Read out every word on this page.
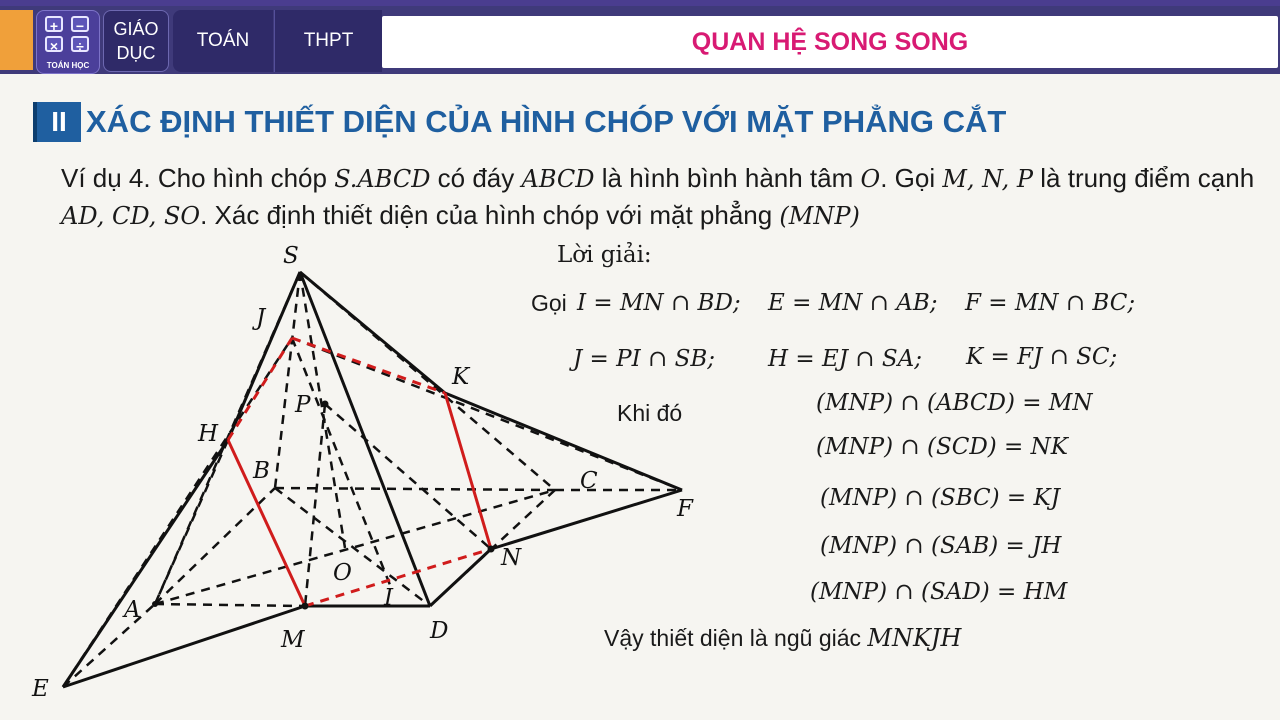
+	−
×	÷
TOÁN HỌC
GIÁO
DỤC
TOÁN	THPT	QUAN HỆ SONG SONG
II XÁC ĐỊNH THIẾT DIỆN CỦA HÌNH CHÓP VỚI MẶT PHẲNG CẮT
Ví dụ 4. Cho hình chóp S.ABCD có đáy ABCD là hình bình hành tâm O. Gọi M, N, P là trung điểm cạnh AD, CD, SO. Xác định thiết diện của hình chóp với mặt phẳng (MNP)
Lời giải:
Gọi I = MN ∩ BD; E = MN ∩ AB; F = MN ∩ BC;
J = PI ∩ SB; H = EJ ∩ SA; K = FJ ∩ SC;
Khi đó	(MNP) ∩ (ABCD) = MN
(MNP) ∩ (SCD) = NK
(MNP) ∩ (SBC) = KJ
(MNP) ∩ (SAB) = JH
(MNP) ∩ (SAD) = HM
Vậy thiết diện là ngũ giác MNKJH
S
J
K
P
H
B	C
F
O
N
A	I
M	D
E
